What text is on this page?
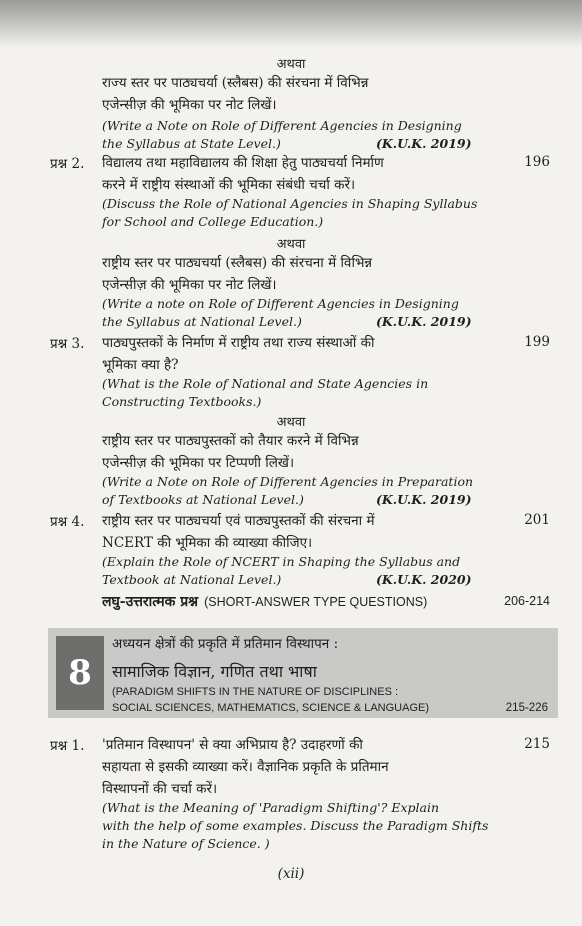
अथवा
राज्य स्तर पर पाठ्यचर्या (स्लैबस) की संरचना में विभिन्न
एजेन्सीज़ की भूमिका पर नोट लिखें।
(Write a Note on Role of Different Agencies in Designing
the Syllabus at State Level.)	(K.U.K. 2019)
प्रश्न 2.	196
विद्यालय तथा महाविद्यालय की शिक्षा हेतु पाठ्यचर्या निर्माण
करने में राष्ट्रीय संस्थाओं की भूमिका संबंधी चर्चा करें।
(Discuss the Role of National Agencies in Shaping Syllabus
for School and College Education.)
अथवा
राष्ट्रीय स्तर पर पाठ्यचर्या (स्लैबस) की संरचना में विभिन्न
एजेन्सीज़ की भूमिका पर नोट लिखें।
(Write a note on Role of Different Agencies in Designing
the Syllabus at National Level.)	(K.U.K. 2019)
प्रश्न 3.	199
पाठ्यपुस्तकों के निर्माण में राष्ट्रीय तथा राज्य संस्थाओं की
भूमिका क्या है?
(What is the Role of National and State Agencies in
Constructing Textbooks.)
अथवा
राष्ट्रीय स्तर पर पाठ्यपुस्तकों को तैयार करने में विभिन्न
एजेन्सीज़ की भूमिका पर टिप्पणी लिखें।
(Write a Note on Role of Different Agencies in Preparation
of Textbooks at National Level.)	(K.U.K. 2019)
प्रश्न 4.	201
राष्ट्रीय स्तर पर पाठ्यचर्या एवं पाठ्यपुस्तकों की संरचना में
NCERT की भूमिका की व्याख्या कीजिए।
(Explain the Role of NCERT in Shaping the Syllabus and
Textbook at National Level.)	(K.U.K. 2020)
लघु-उत्तरात्मक प्रश्न (SHORT-ANSWER TYPE QUESTIONS)	206-214
8
अध्ययन क्षेत्रों की प्रकृति में प्रतिमान विस्थापन :
सामाजिक विज्ञान, गणित तथा भाषा
(PARADIGM SHIFTS IN THE NATURE OF DISCIPLINES :
SOCIAL SCIENCES, MATHEMATICS, SCIENCE & LANGUAGE)	215-226
प्रश्न 1.	215
'प्रतिमान विस्थापन' से क्या अभिप्राय है? उदाहरणों की
सहायता से इसकी व्याख्या करें। वैज्ञानिक प्रकृति के प्रतिमान
विस्थापनों की चर्चा करें।
(What is the Meaning of 'Paradigm Shifting'? Explain
with the help of some examples. Discuss the Paradigm Shifts
in the Nature of Science. )
(xii)
